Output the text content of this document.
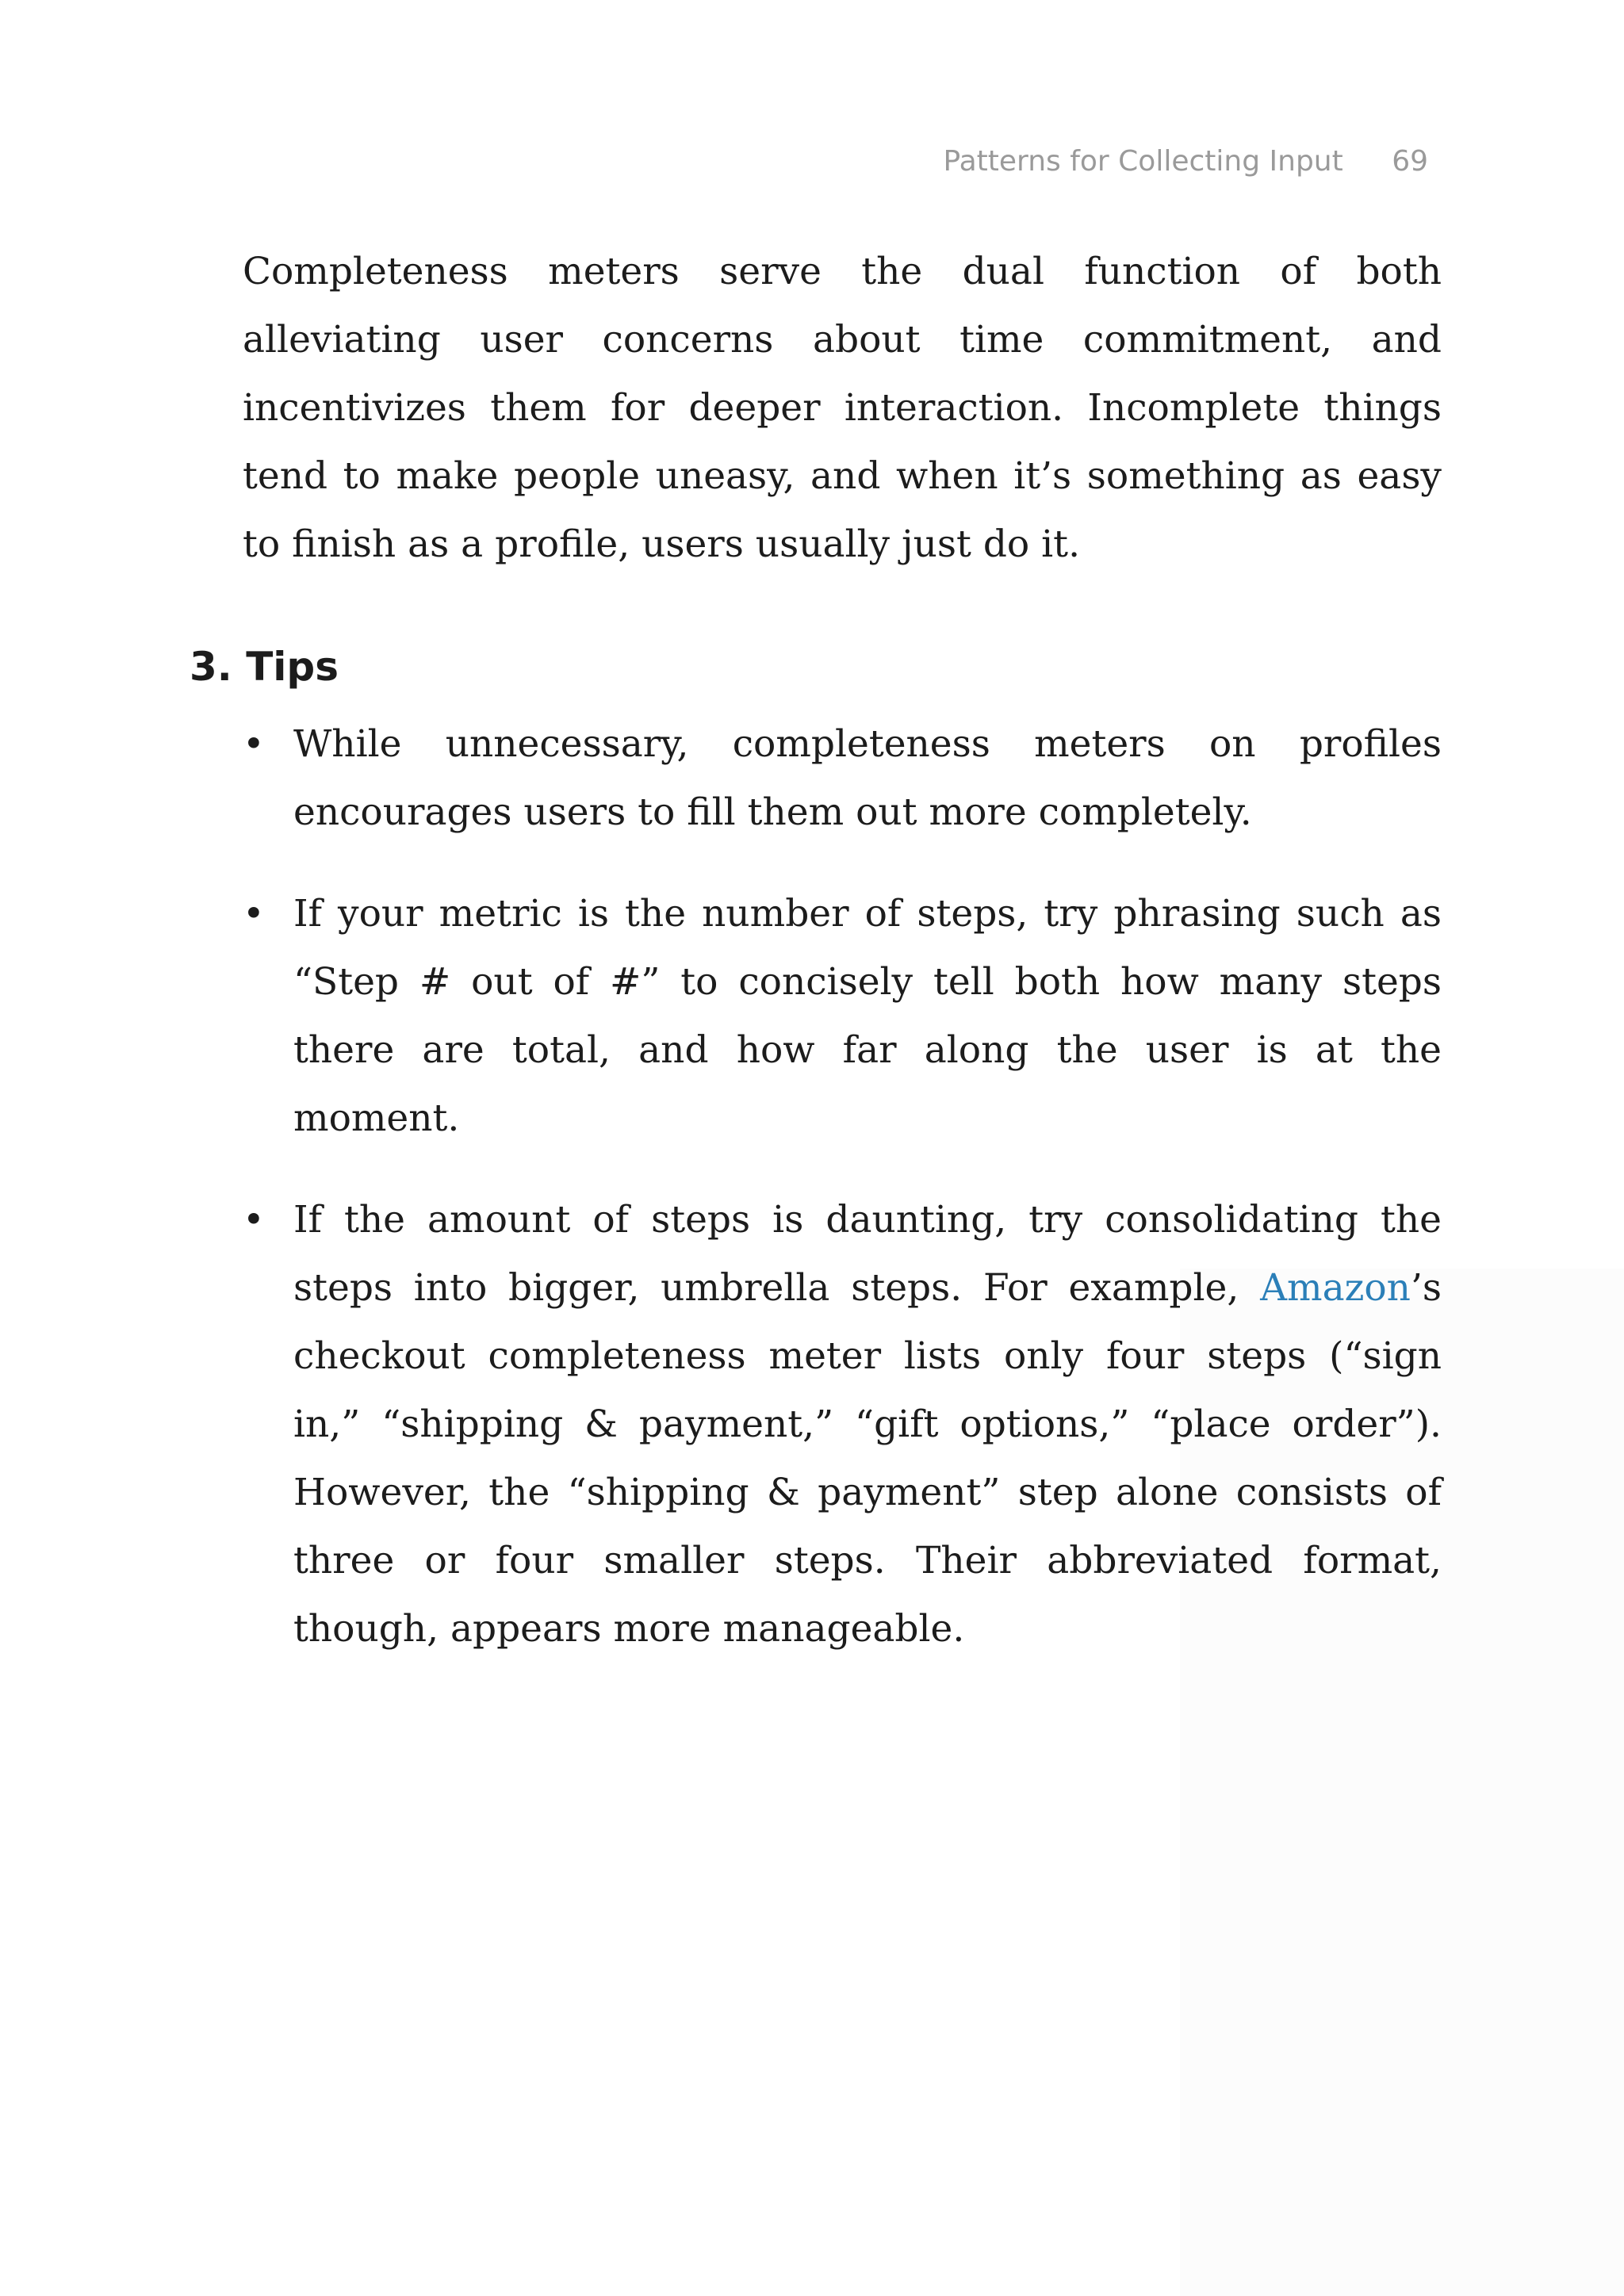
Patterns for Collecting Input 69

Completeness meters serve the dual function of both alleviating user concerns about time commitment, and incentivizes them for deeper interaction. Incomplete things tend to make people uneasy, and when it’s something as easy to finish as a profile, users usually just do it.

3. Tips
• While unnecessary, completeness meters on profiles encourages users to fill them out more completely.
• If your metric is the number of steps, try phrasing such as “Step # out of #” to concisely tell both how many steps there are total, and how far along the user is at the moment.
• If the amount of steps is daunting, try consolidating the steps into bigger, umbrella steps. For example, Amazon’s checkout completeness meter lists only four steps (“sign in,” “shipping & payment,” “gift options,” “place order”). However, the “shipping & payment” step alone consists of three or four smaller steps. Their abbreviated format, though, appears more manageable.
